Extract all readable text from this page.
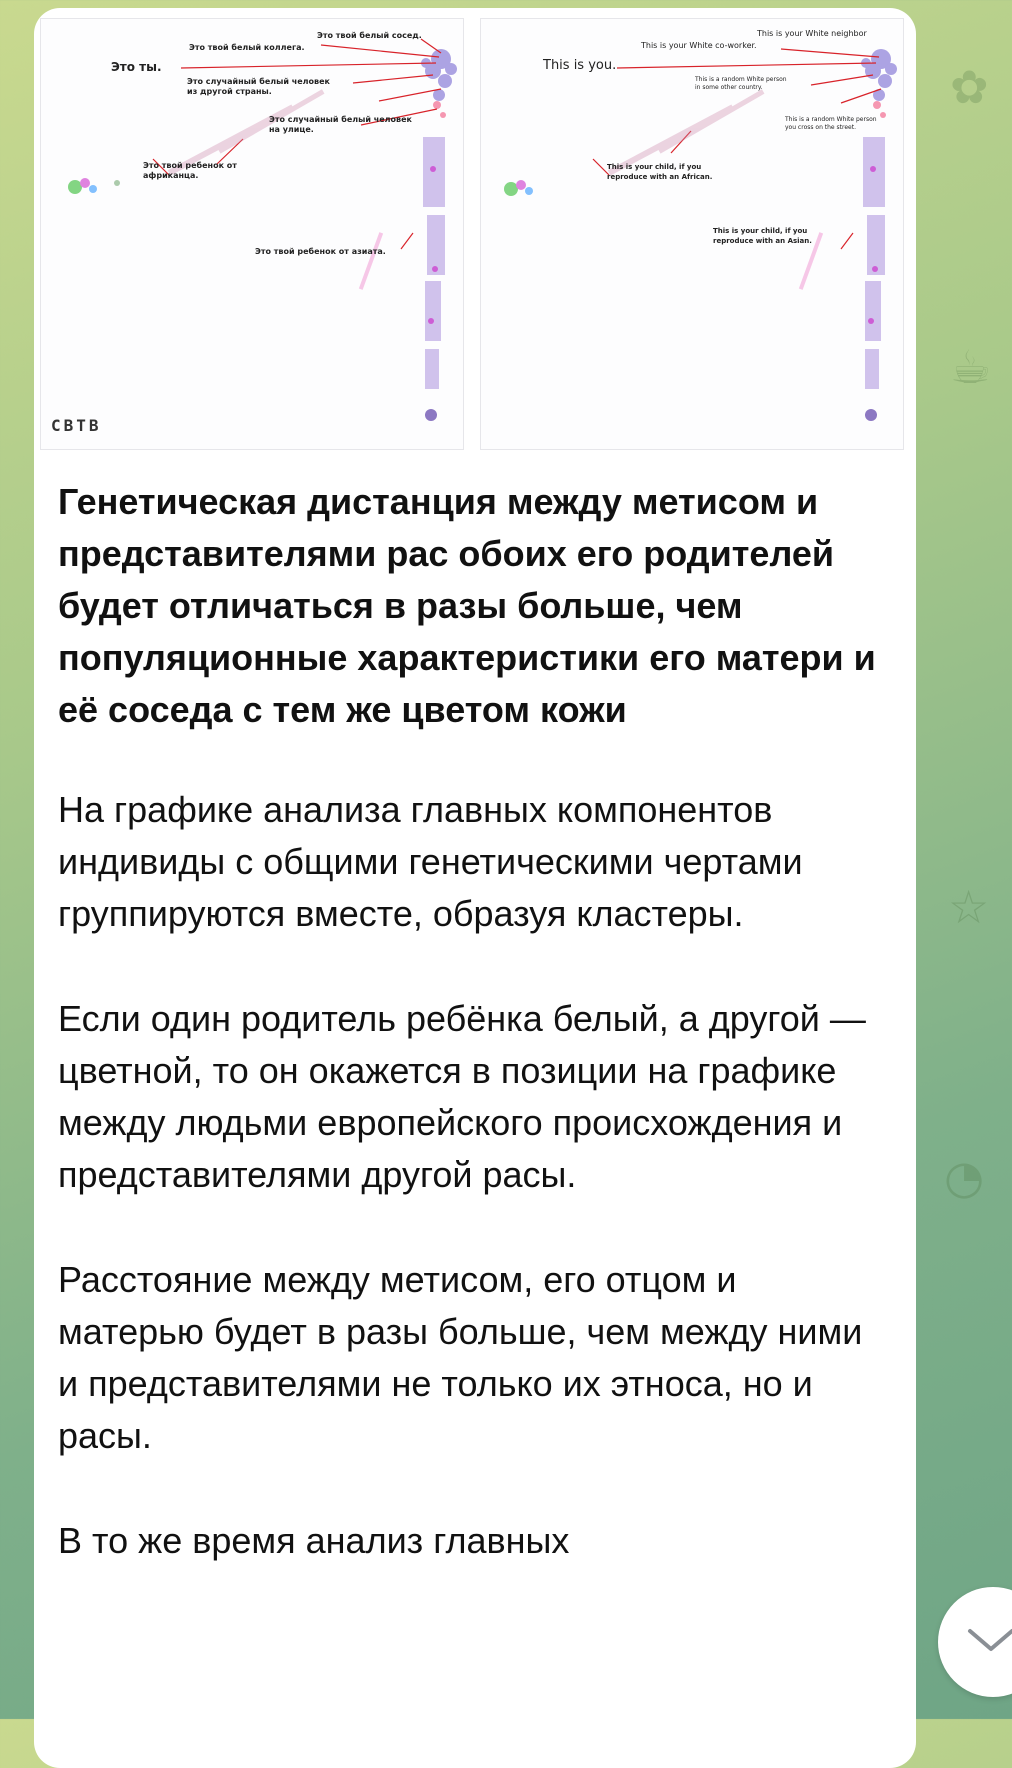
☕
☆
◔
✿
Это твой белый сосед.
Это твой белый коллега.
Это ты.
Это случайный белый человек
из другой страны.
Это случайный белый человек
на улице.
Это твой ребенок от
африканца.
Это твой ребенок от азиата.
СВТВ
This is your White neighbor
This is your White co-worker.
This is you.
This is a random White person
in some other country.
This is a random White person
you cross on the street.
This is your child, if you
reproduce with an African.
This is your child, if you
reproduce with an Asian.

Генетическая дистанция между метисом и представителями рас обоих его родителей будет отличаться в разы больше, чем популяционные характеристики его матери и её соседа с тем же цветом кожи

На графике анализа главных компонентов индивиды с общими генетическими чертами группируются вместе, образуя кластеры.

Если один родитель ребёнка белый, а другой — цветной, то он окажется в позиции на графике между людьми европейского происхождения и представителями другой расы.

Расстояние между метисом, его отцом и матерью будет в разы больше, чем между ними и представителями не только их этноса, но и расы.

В то же время анализ главных
